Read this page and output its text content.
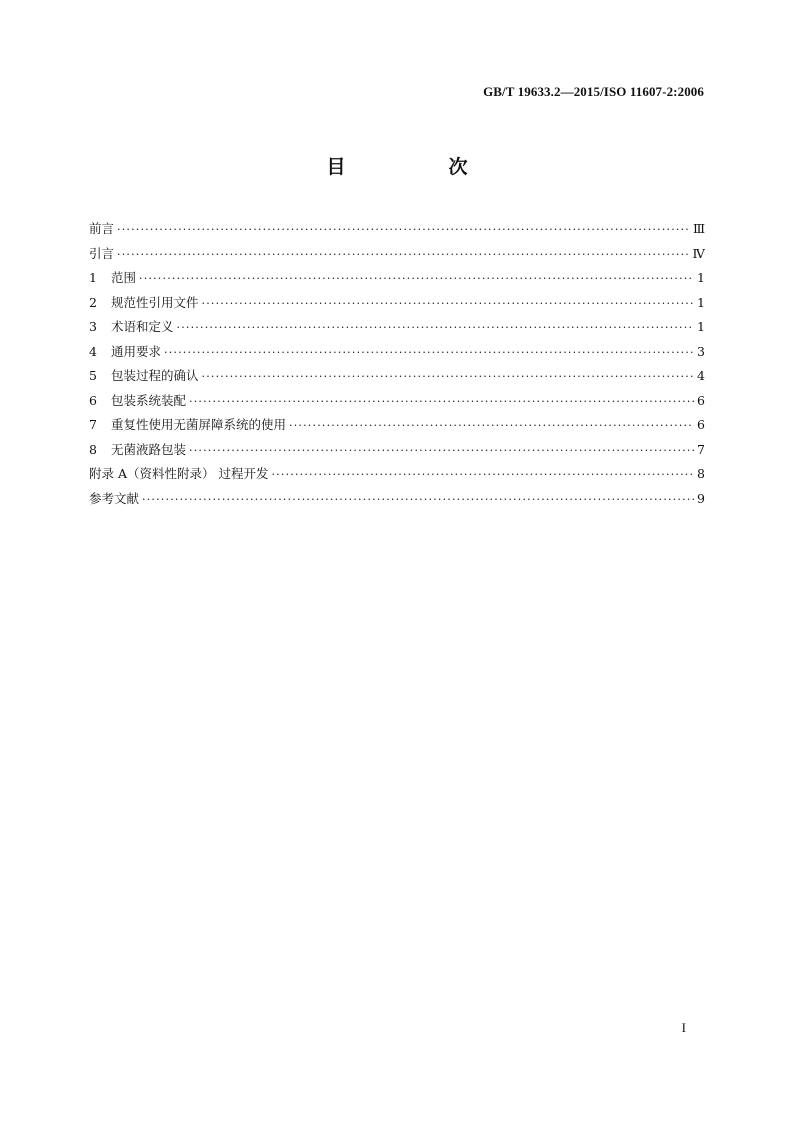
GB/T 19633.2—2015/ISO 11607-2:2006
目　次
前言 ·····	Ⅲ
引言 ·····	Ⅳ
1	范围 ·····	1
2	规范性引用文件 ·····	1
3	术语和定义 ·····	1
4	通用要求 ·····	3
5	包装过程的确认 ·····	4
6	包装系统装配 ·····	6
7	重复性使用无菌屏障系统的使用 ·····	6
8	无菌液路包装 ·····	7
附录 A（资料性附录） 过程开发 ·····	8
参考文献 ·····	9
I
